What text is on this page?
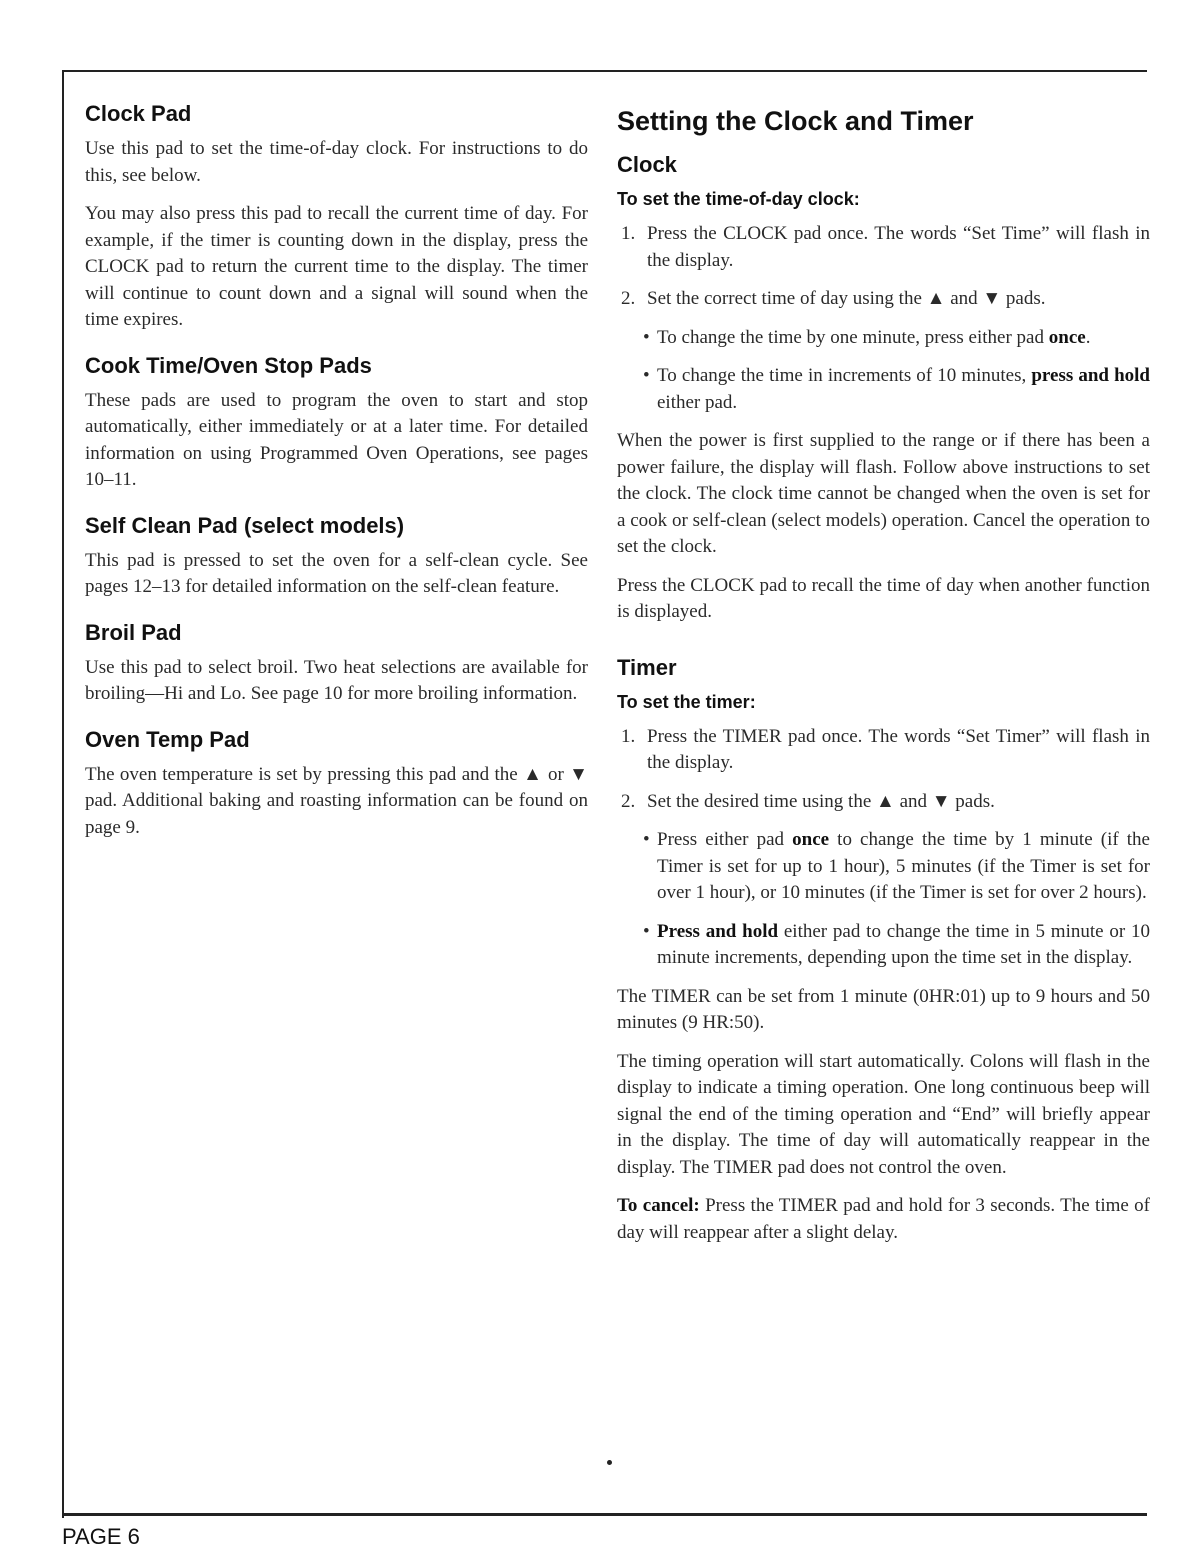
Clock Pad

Use this pad to set the time-of-day clock. For instructions to do this, see below.

You may also press this pad to recall the current time of day. For example, if the timer is counting down in the display, press the CLOCK pad to return the current time to the display. The timer will continue to count down and a signal will sound when the time expires.

Cook Time/Oven Stop Pads

These pads are used to program the oven to start and stop automatically, either immediately or at a later time. For detailed information on using Programmed Oven Operations, see pages 10–11.

Self Clean Pad (select models)

This pad is pressed to set the oven for a self-clean cycle. See pages 12–13 for detailed information on the self-clean feature.

Broil Pad

Use this pad to select broil. Two heat selections are available for broiling—Hi and Lo. See page 10 for more broiling information.

Oven Temp Pad

The oven temperature is set by pressing this pad and the ▲ or ▼ pad. Additional baking and roasting information can be found on page 9.

Setting the Clock and Timer
Clock
To set the time-of-day clock:
1. Press the CLOCK pad once. The words “Set Time” will flash in the display.
2. Set the correct time of day using the ▲ and ▼ pads.
• To change the time by one minute, press either pad once.
• To change the time in increments of 10 minutes, press and hold either pad.

When the power is first supplied to the range or if there has been a power failure, the display will flash. Follow above instructions to set the clock. The clock time cannot be changed when the oven is set for a cook or self-clean (select models) operation. Cancel the operation to set the clock.

Press the CLOCK pad to recall the time of day when another function is displayed.

Timer
To set the timer:
1. Press the TIMER pad once. The words “Set Timer” will flash in the display.
2. Set the desired time using the ▲ and ▼ pads.
• Press either pad once to change the time by 1 minute (if the Timer is set for up to 1 hour), 5 minutes (if the Timer is set for over 1 hour), or 10 minutes (if the Timer is set for over 2 hours).
• Press and hold either pad to change the time in 5 minute or 10 minute increments, depending upon the time set in the display.

The TIMER can be set from 1 minute (0HR:01) up to 9 hours and 50 minutes (9 HR:50).

The timing operation will start automatically. Colons will flash in the display to indicate a timing operation. One long continuous beep will signal the end of the timing operation and “End” will briefly appear in the display. The time of day will automatically reappear in the display. The TIMER pad does not control the oven.

To cancel: Press the TIMER pad and hold for 3 seconds. The time of day will reappear after a slight delay.

PAGE 6
